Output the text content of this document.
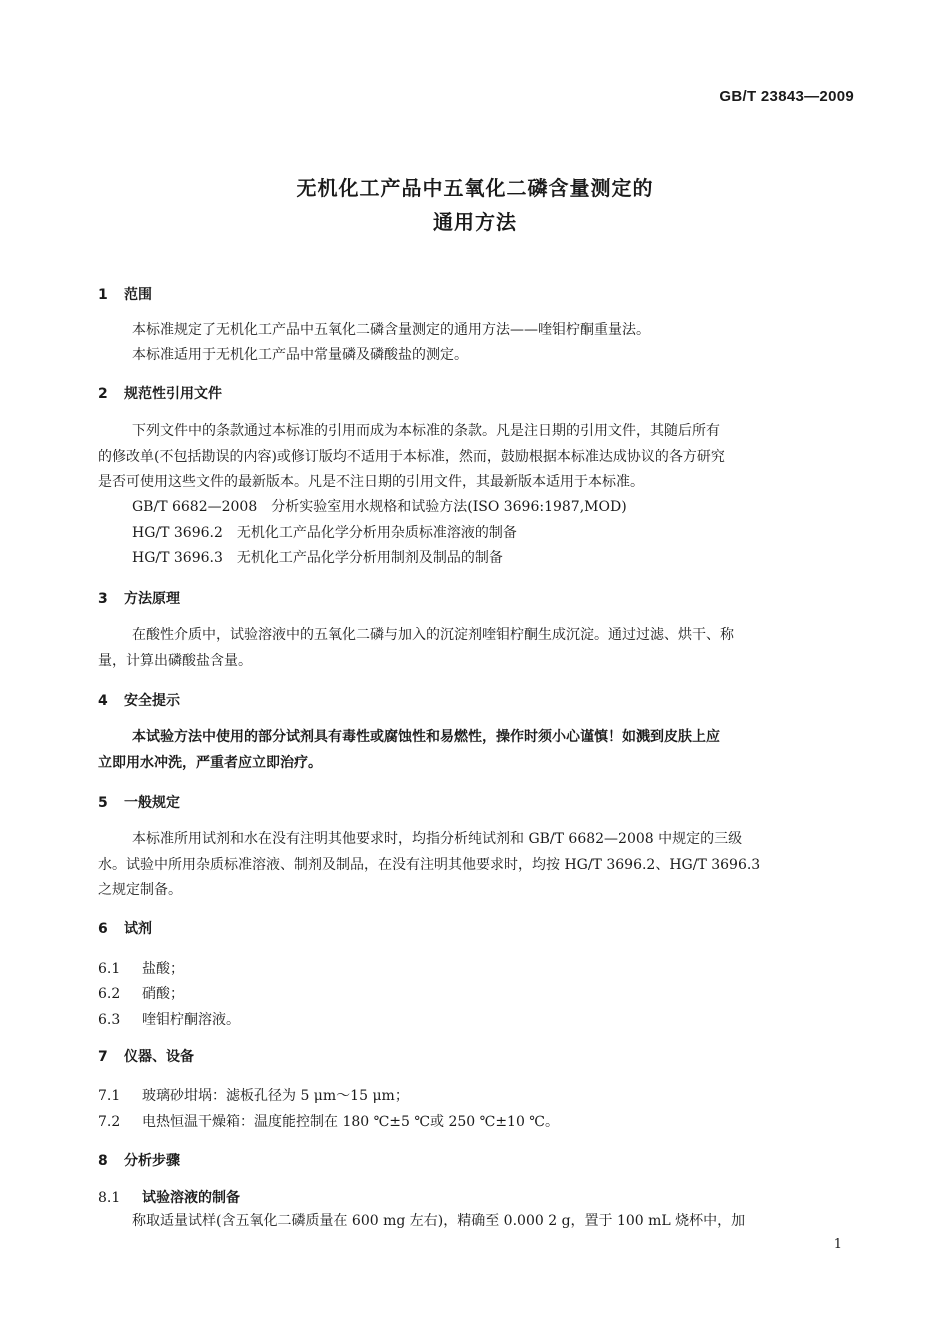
GB/T 23843—2009
无机化工产品中五氧化二磷含量测定的
通用方法
1 范围
本标准规定了无机化工产品中五氧化二磷含量测定的通用方法——喹钼柠酮重量法。
本标准适用于无机化工产品中常量磷及磷酸盐的测定。
2 规范性引用文件
下列文件中的条款通过本标准的引用而成为本标准的条款。凡是注日期的引用文件，其随后所有
的修改单(不包括勘误的内容)或修订版均不适用于本标准，然而，鼓励根据本标准达成协议的各方研究
是否可使用这些文件的最新版本。凡是不注日期的引用文件，其最新版本适用于本标准。
GB/T 6682—2008　分析实验室用水规格和试验方法(ISO 3696:1987,MOD)
HG/T 3696.2　无机化工产品化学分析用杂质标准溶液的制备
HG/T 3696.3　无机化工产品化学分析用制剂及制品的制备
3 方法原理
在酸性介质中，试验溶液中的五氧化二磷与加入的沉淀剂喹钼柠酮生成沉淀。通过过滤、烘干、称
量，计算出磷酸盐含量。
4 安全提示
本试验方法中使用的部分试剂具有毒性或腐蚀性和易燃性，操作时须小心谨慎！如溅到皮肤上应
立即用水冲洗，严重者应立即治疗。
5 一般规定
本标准所用试剂和水在没有注明其他要求时，均指分析纯试剂和 GB/T 6682—2008 中规定的三级
水。试验中所用杂质标准溶液、制剂及制品，在没有注明其他要求时，均按 HG/T 3696.2、HG/T 3696.3
之规定制备。
6 试剂
6.1 盐酸；
6.2 硝酸；
6.3 喹钼柠酮溶液。
7 仪器、设备
7.1 玻璃砂坩埚：滤板孔径为 5 μm～15 μm；
7.2 电热恒温干燥箱：温度能控制在 180 ℃±5 ℃或 250 ℃±10 ℃。
8 分析步骤
8.1 试验溶液的制备
称取适量试样(含五氧化二磷质量在 600 mg 左右)，精确至 0.000 2 g，置于 100 mL 烧杯中，加
1
